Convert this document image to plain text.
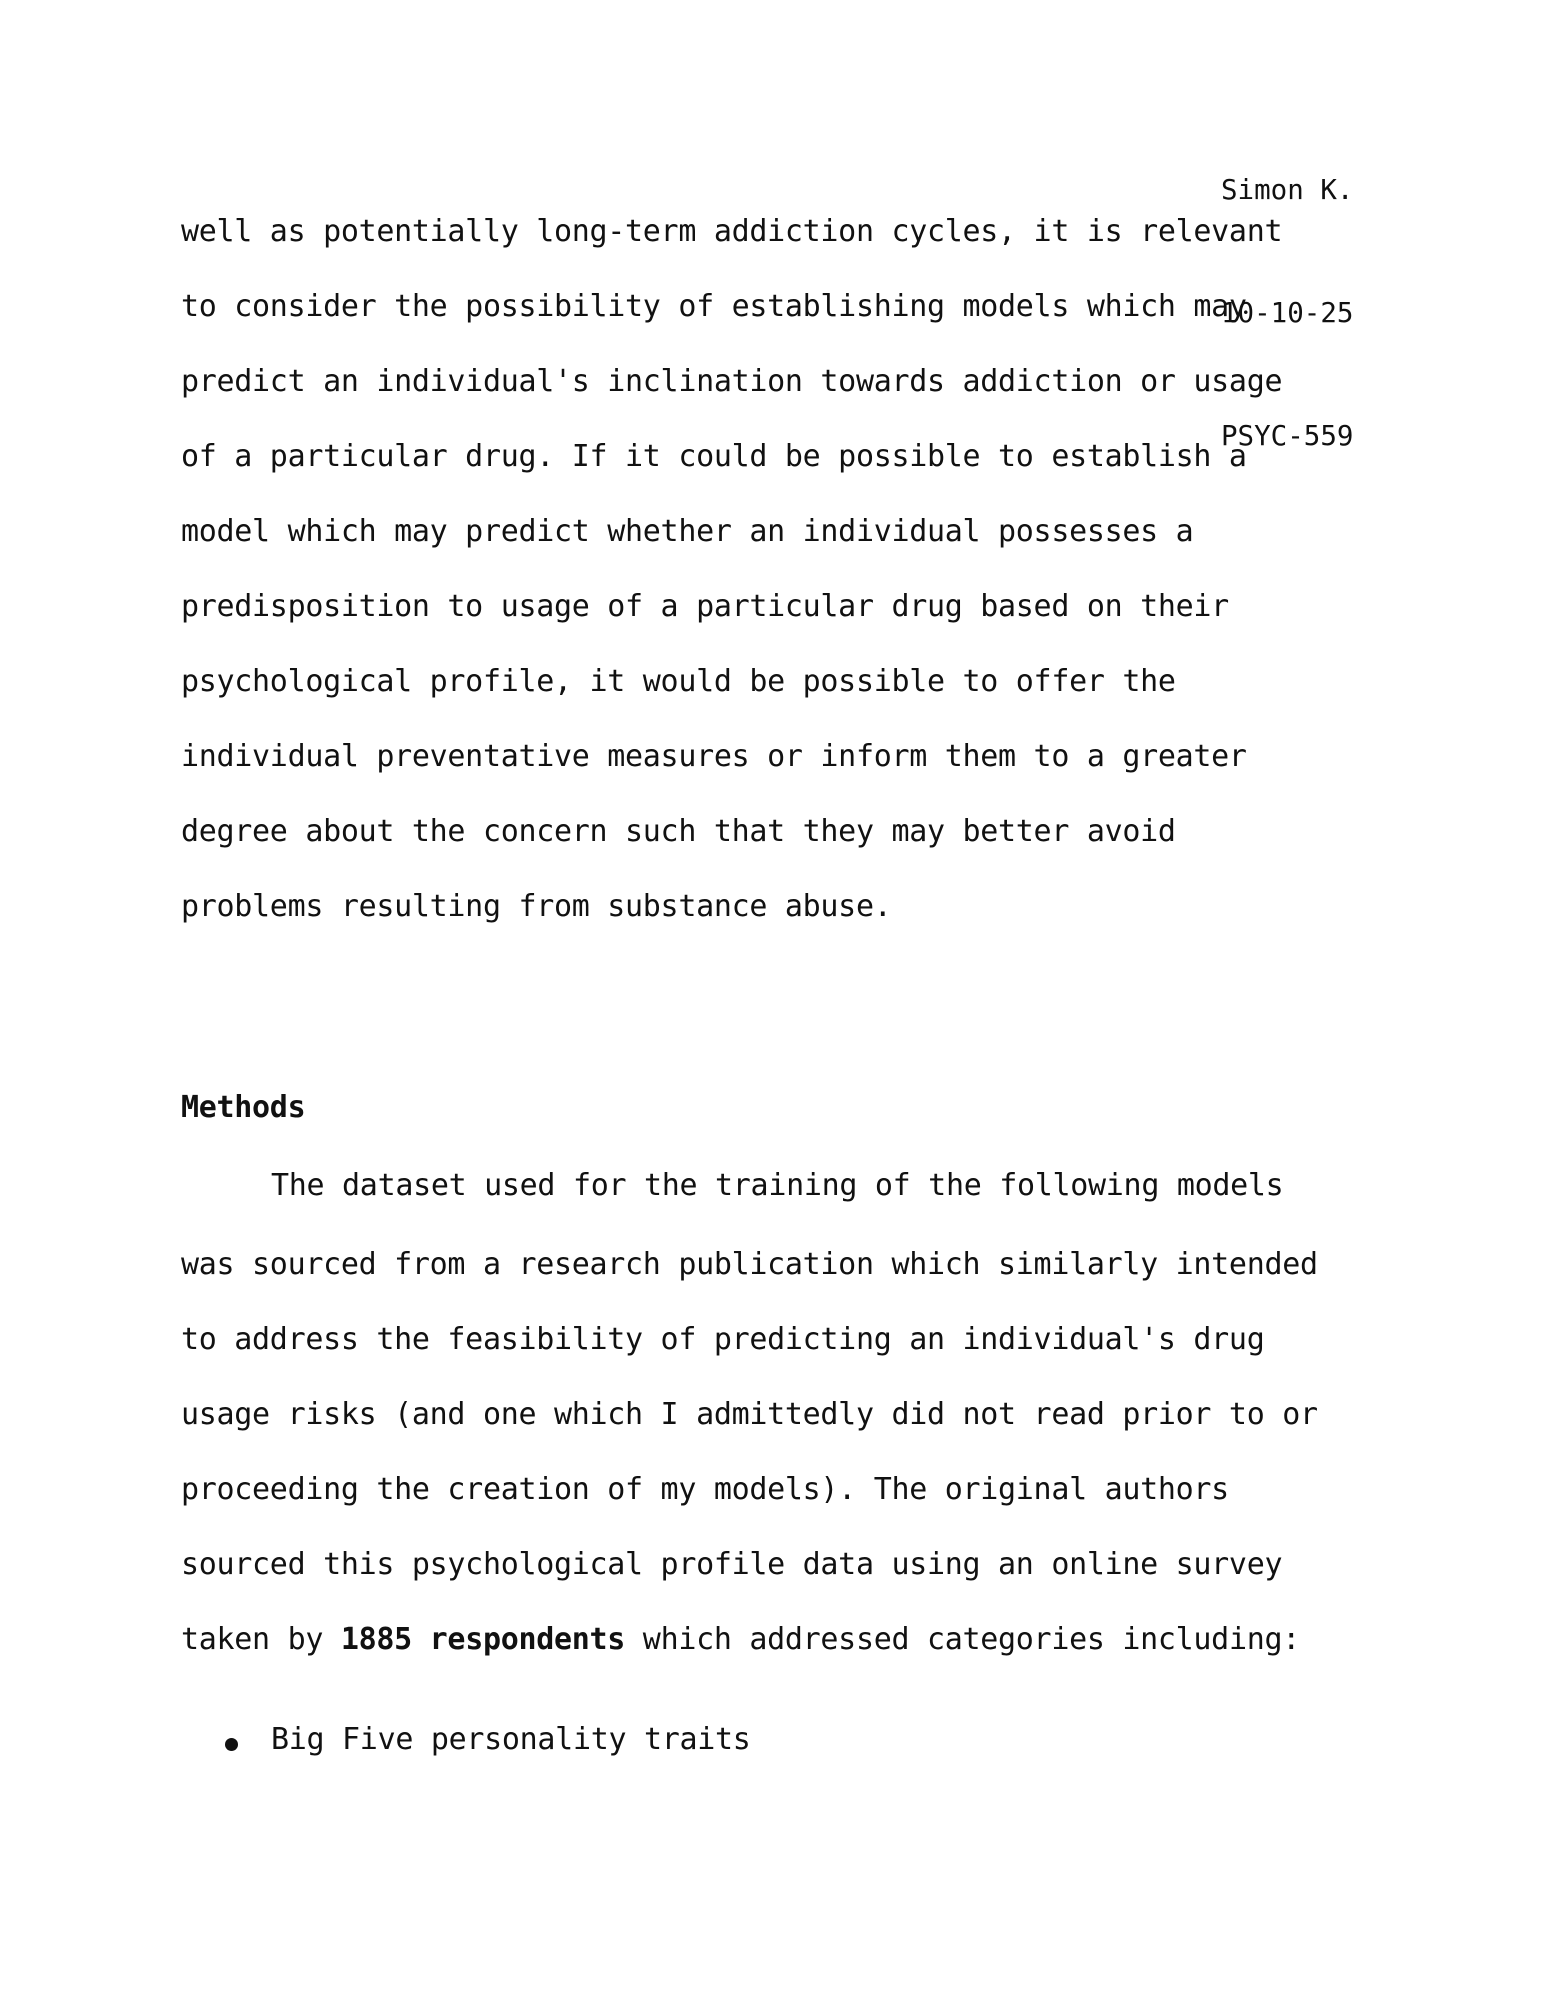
Simon K.

10-10-25

PSYC-559

well as potentially long-term addiction cycles, it is relevant
to consider the possibility of establishing models which may
predict an individual's inclination towards addiction or usage
of a particular drug. If it could be possible to establish a
model which may predict whether an individual possesses a
predisposition to usage of a particular drug based on their
psychological profile, it would be possible to offer the
individual preventative measures or inform them to a greater
degree about the concern such that they may better avoid
problems resulting from substance abuse.
Methods
The dataset used for the training of the following models
was sourced from a research publication which similarly intended
to address the feasibility of predicting an individual's drug
usage risks (and one which I admittedly did not read prior to or
proceeding the creation of my models). The original authors
sourced this psychological profile data using an online survey
taken by 1885 respondents which addressed categories including:
Big Five personality traits
